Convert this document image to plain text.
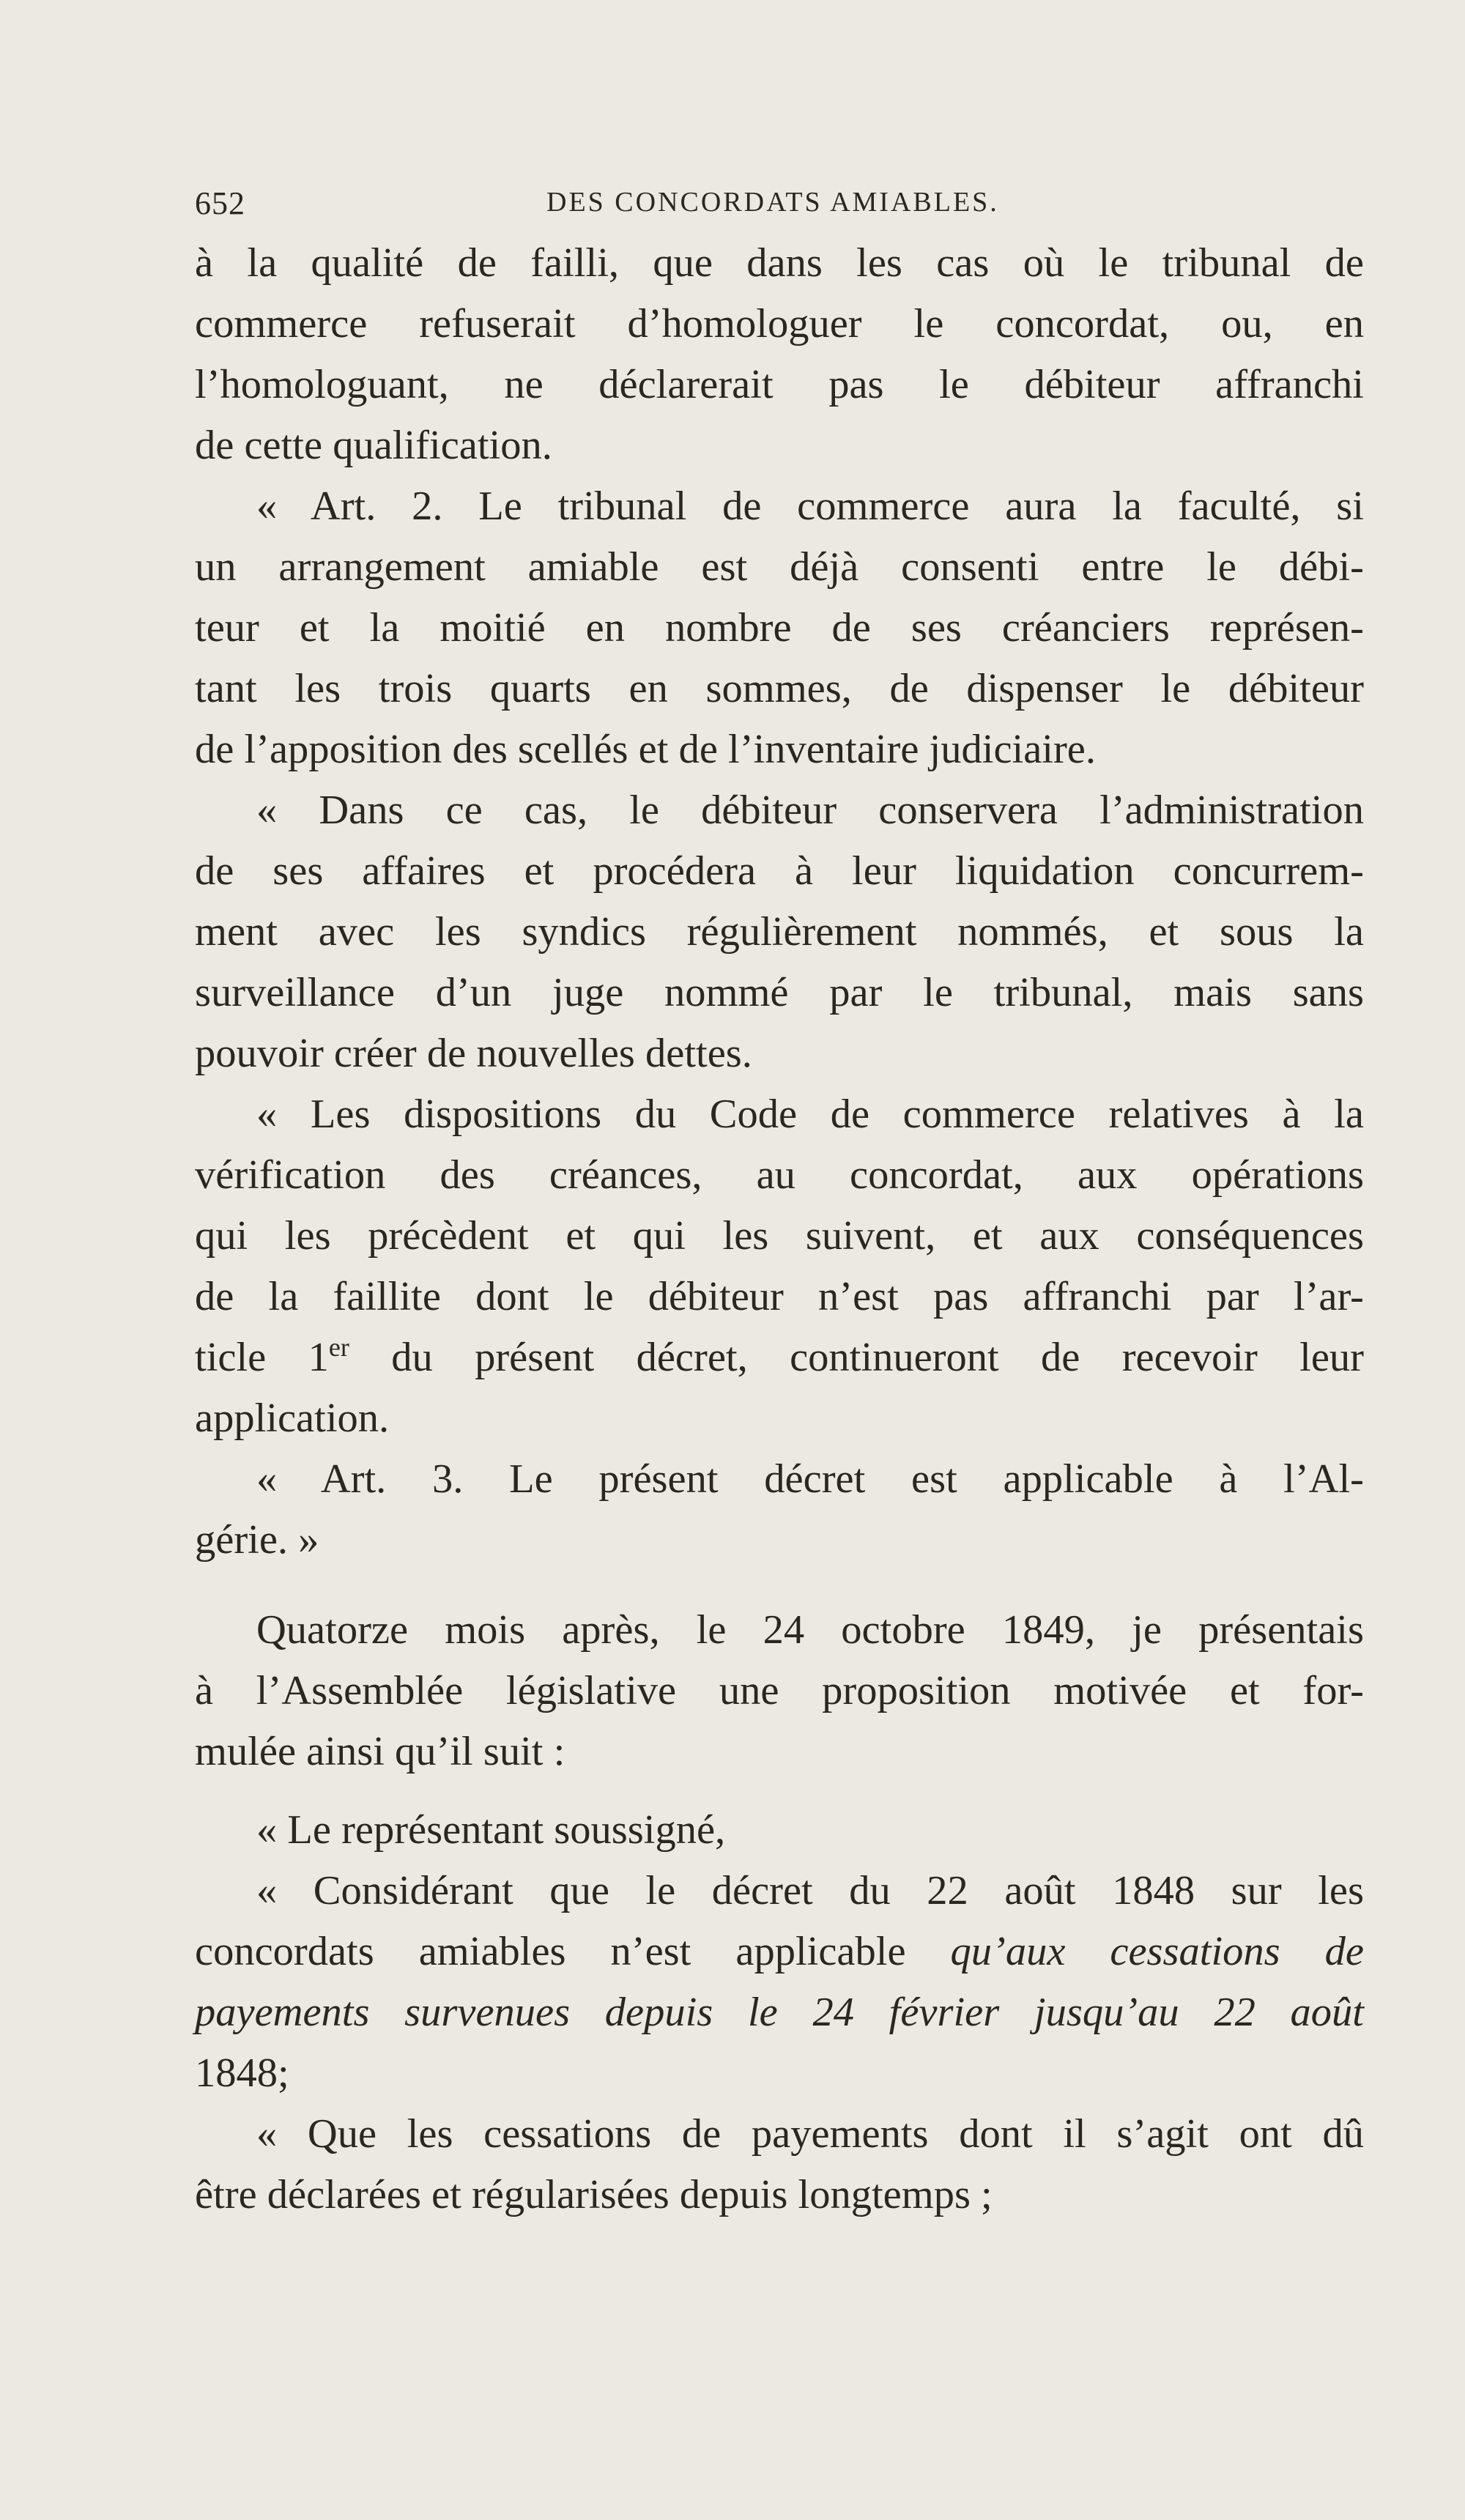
652	DES CONCORDATS AMIABLES.
à la qualité de failli, que dans les cas où le tribunal de
commerce refuserait d’homologuer le concordat, ou, en
l’homologuant, ne déclarerait pas le débiteur affranchi
de cette qualification.
« Art. 2. Le tribunal de commerce aura la faculté, si
un arrangement amiable est déjà consenti entre le débi-
teur et la moitié en nombre de ses créanciers représen-
tant les trois quarts en sommes, de dispenser le débiteur
de l’apposition des scellés et de l’inventaire judiciaire.
« Dans ce cas, le débiteur conservera l’administration
de ses affaires et procédera à leur liquidation concurrem-
ment avec les syndics régulièrement nommés, et sous la
surveillance d’un juge nommé par le tribunal, mais sans
pouvoir créer de nouvelles dettes.
« Les dispositions du Code de commerce relatives à la
vérification des créances, au concordat, aux opérations
qui les précèdent et qui les suivent, et aux conséquences
de la faillite dont le débiteur n’est pas affranchi par l’ar-
ticle 1er du présent décret, continueront de recevoir leur
application.
« Art. 3. Le présent décret est applicable à l’Al-
gérie. »
Quatorze mois après, le 24 octobre 1849, je présentais
à l’Assemblée législative une proposition motivée et for-
mulée ainsi qu’il suit :
« Le représentant soussigné,
« Considérant que le décret du 22 août 1848 sur les
concordats amiables n’est applicable qu’aux cessations de
payements survenues depuis le 24 février jusqu’au 22 août
1848;
« Que les cessations de payements dont il s’agit ont dû
être déclarées et régularisées depuis longtemps ;
